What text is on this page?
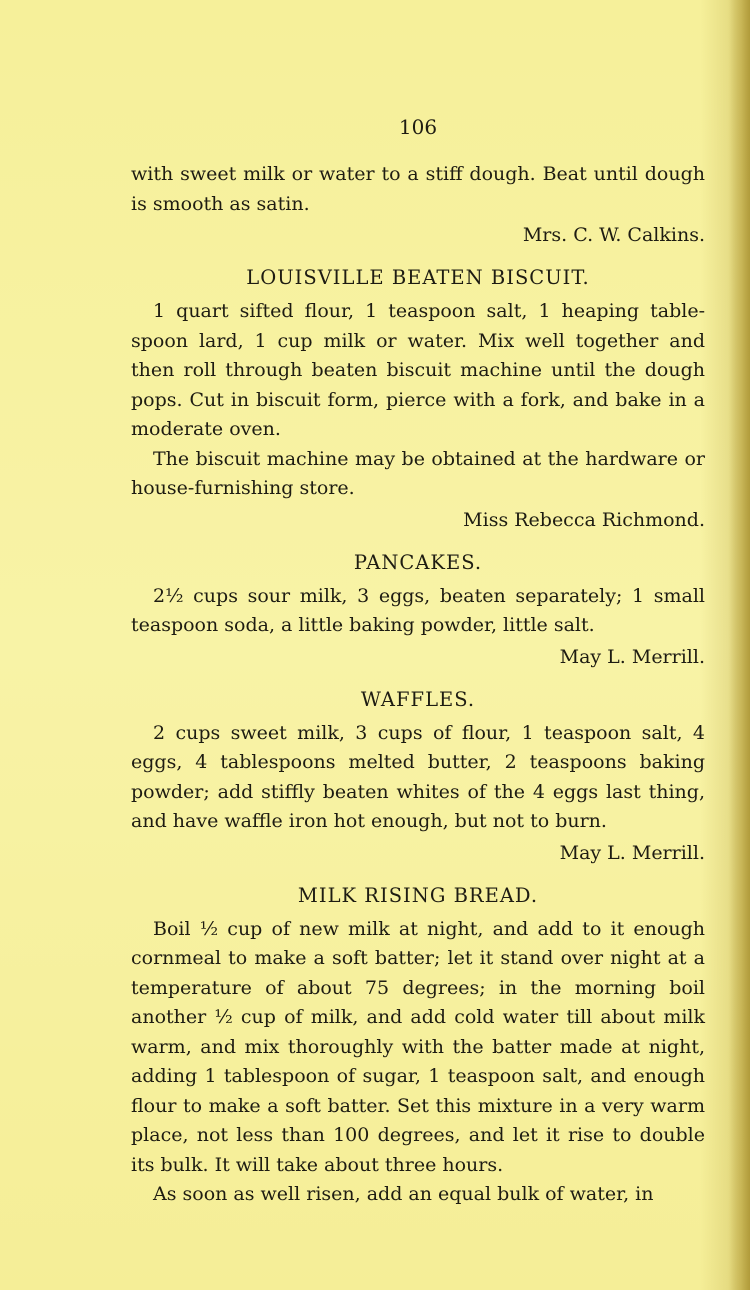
106

with sweet milk or water to a stiff dough. Beat until dough is smooth as satin.

Mrs. C. W. Calkins.
LOUISVILLE BEATEN BISCUIT.

1 quart sifted flour, 1 teaspoon salt, 1 heaping table-spoon lard, 1 cup milk or water. Mix well together and then roll through beaten biscuit machine until the dough pops. Cut in biscuit form, pierce with a fork, and bake in a moderate oven.

The biscuit machine may be obtained at the hardware or house-furnishing store.

Miss Rebecca Richmond.
PANCAKES.

2½ cups sour milk, 3 eggs, beaten separately; 1 small teaspoon soda, a little baking powder, little salt.

May L. Merrill.
WAFFLES.

2 cups sweet milk, 3 cups of flour, 1 teaspoon salt, 4 eggs, 4 tablespoons melted butter, 2 teaspoons baking powder; add stiffly beaten whites of the 4 eggs last thing, and have waffle iron hot enough, but not to burn.

May L. Merrill.
MILK RISING BREAD.

Boil ½ cup of new milk at night, and add to it enough cornmeal to make a soft batter; let it stand over night at a temperature of about 75 degrees; in the morning boil another ½ cup of milk, and add cold water till about milk warm, and mix thoroughly with the batter made at night, adding 1 tablespoon of sugar, 1 teaspoon salt, and enough flour to make a soft batter. Set this mixture in a very warm place, not less than 100 degrees, and let it rise to double its bulk. It will take about three hours.

As soon as well risen, add an equal bulk of water, in
